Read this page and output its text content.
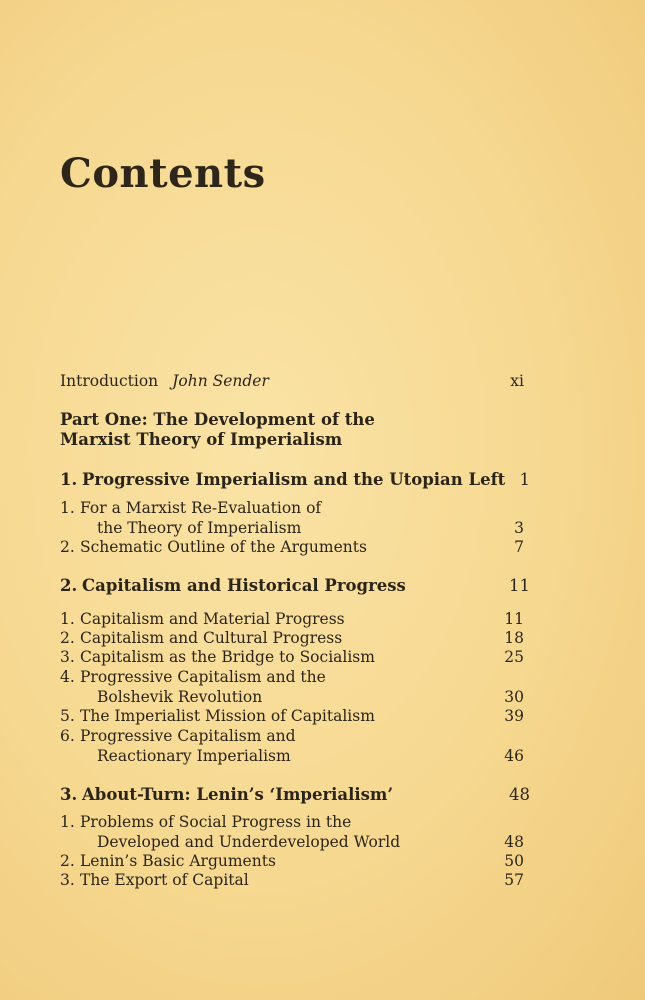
Contents
Introduction John Sender	xi
Part One: The Development of the
Marxist Theory of Imperialism
1. Progressive Imperialism and the Utopian Left 1
1. For a Marxist Re-Evaluation of
the Theory of Imperialism	3
2. Schematic Outline of the Arguments	7
2. Capitalism and Historical Progress	11
1. Capitalism and Material Progress	11
2. Capitalism and Cultural Progress	18
3. Capitalism as the Bridge to Socialism	25
4. Progressive Capitalism and the
Bolshevik Revolution	30
5. The Imperialist Mission of Capitalism	39
6. Progressive Capitalism and
Reactionary Imperialism	46
3. About-Turn: Lenin’s ‘Imperialism’	48
1. Problems of Social Progress in the
Developed and Underdeveloped World	48
2. Lenin’s Basic Arguments	50
3. The Export of Capital	57
